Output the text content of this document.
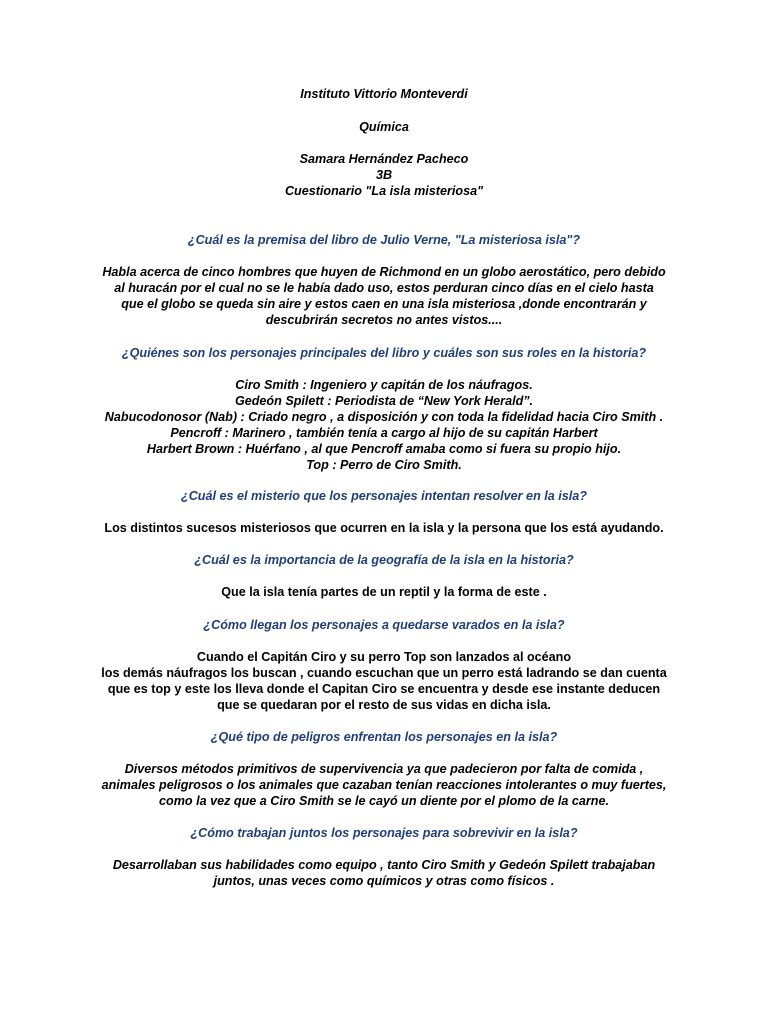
Instituto Vittorio Monteverdi
Química
Samara Hernández Pacheco
3B
Cuestionario "La isla misteriosa"
¿Cuál es la premisa del libro de Julio Verne, "La misteriosa isla"?
Habla acerca de cinco hombres que huyen de Richmond en un globo aerostático, pero debido
al huracán por el cual no se le había dado uso, estos perduran cinco días en el cielo hasta
que el globo se queda sin aire y estos caen en una isla misteriosa ,donde encontrarán y
descubrirán secretos no antes vistos....
¿Quiénes son los personajes principales del libro y cuáles son sus roles en la historia?
Ciro Smith : Ingeniero y capitán de los náufragos.
Gedeón Spilett : Periodista de “New York Herald”.
Nabucodonosor (Nab) : Criado negro , a disposición y con toda la fidelidad hacia Ciro Smith .
Pencroff : Marinero , también tenía a cargo al hijo de su capitán Harbert
Harbert Brown : Huérfano , al que Pencroff amaba como si fuera su propio hijo.
Top : Perro de Ciro Smith.
¿Cuál es el misterio que los personajes intentan resolver en la isla?
Los distintos sucesos misteriosos que ocurren en la isla y la persona que los está ayudando.
¿Cuál es la importancia de la geografía de la isla en la historia?
Que la isla tenía partes de un reptil y la forma de este .
¿Cómo llegan los personajes a quedarse varados en la isla?
Cuando el Capitán Ciro y su perro Top son lanzados al océano
los demás náufragos los buscan , cuando escuchan que un perro está ladrando se dan cuenta
que es top y este los lleva donde el Capitan Ciro se encuentra y desde ese instante deducen
que se quedaran por el resto de sus vidas en dicha isla.
¿Qué tipo de peligros enfrentan los personajes en la isla?
Diversos métodos primitivos de supervivencia ya que padecieron por falta de comida ,
animales peligrosos o los animales que cazaban tenían reacciones intolerantes o muy fuertes,
como la vez que a Ciro Smith se le cayó un diente por el plomo de la carne.
¿Cómo trabajan juntos los personajes para sobrevivir en la isla?
Desarrollaban sus habilidades como equipo , tanto Ciro Smith y Gedeón Spilett trabajaban
juntos, unas veces como químicos y otras como físicos .
